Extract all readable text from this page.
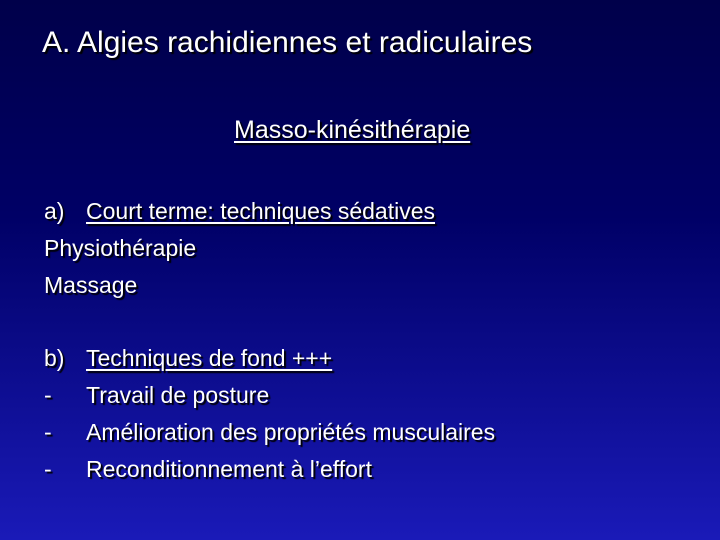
A. Algies rachidiennes et radiculaires
Masso-kinésithérapie
a) Court terme: techniques sédatives
Physiothérapie
Massage
b) Techniques de fond +++
- Travail de posture
- Amélioration des propriétés musculaires
- Reconditionnement à l’effort
